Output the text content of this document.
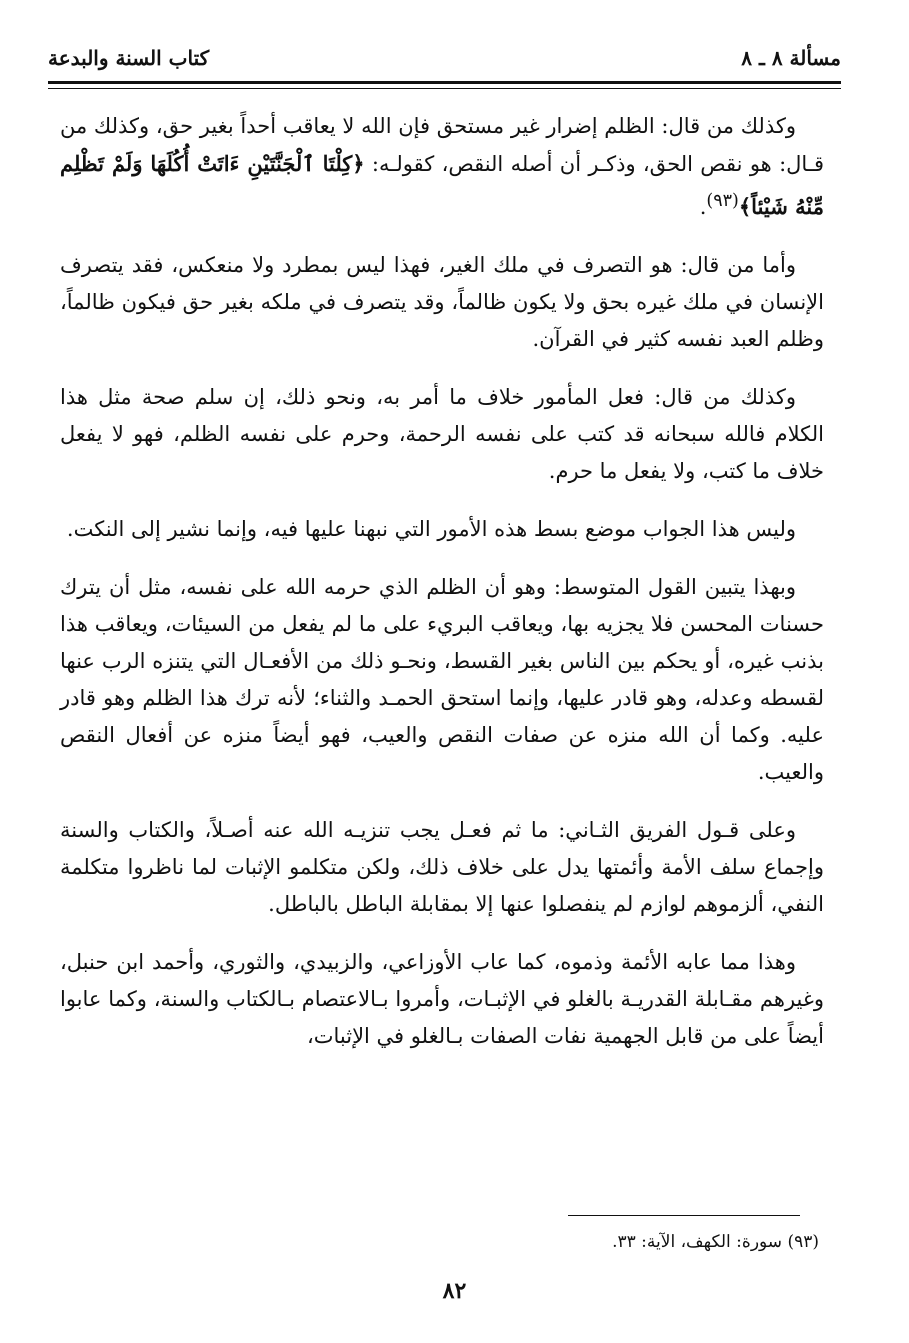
مسألة ٨ ـ ٨
كتاب السنة والبدعة

وكذلك من قال: الظلم إضرار غير مستحق فإن الله لا يعاقب أحداً بغير حق، وكذلك من قـال: هو نقص الحق، وذكـر أن أصله النقص، كقولـه: ﴿كِلْتَا ٱلْجَنَّتَيْنِ ءَاتَتْ أُكُلَهَا وَلَمْ تَظْلِم مِّنْهُ شَيْئاً﴾$^{(٩٣)}$.

وأما من قال: هو التصرف في ملك الغير، فهذا ليس بمطرد ولا منعكس، فقد يتصرف الإنسان في ملك غيره بحق ولا يكون ظالماً، وقد يتصرف في ملكه بغير حق فيكون ظالماً، وظلم العبد نفسه كثير في القرآن.

وكذلك من قال: فعل المأمور خلاف ما أمر به، ونحو ذلك، إن سلم صحة مثل هذا الكلام فالله سبحانه قد كتب على نفسه الرحمة، وحرم على نفسه الظلم، فهو لا يفعل خلاف ما كتب، ولا يفعل ما حرم.

وليس هذا الجواب موضع بسط هذه الأمور التي نبهنا عليها فيه، وإنما نشير إلى النكت.

وبهذا يتبين القول المتوسط: وهو أن الظلم الذي حرمه الله على نفسه، مثل أن يترك حسنات المحسن فلا يجزيه بها، ويعاقب البريء على ما لم يفعل من السيئات، ويعاقب هذا بذنب غيره، أو يحكم بين الناس بغير القسط، ونحـو ذلك من الأفعـال التي يتنزه الرب عنها لقسطه وعدله، وهو قادر عليها، وإنما استحق الحمـد والثناء؛ لأنه ترك هذا الظلم وهو قادر عليه. وكما أن الله منزه عن صفات النقص والعيب، فهو أيضاً منزه عن أفعال النقص والعيب.

وعلى قـول الفريق الثـاني: ما ثم فعـل يجب تنزيـه الله عنه أصـلاً، والكتاب والسنة وإجماع سلف الأمة وأئمتها يدل على خلاف ذلك، ولكن متكلمو الإثبات لما ناظروا متكلمة النفي، ألزموهم لوازم لم ينفصلوا عنها إلا بمقابلة الباطل بالباطل.

وهذا مما عابه الأئمة وذموه، كما عاب الأوزاعي، والزبيدي، والثوري، وأحمد ابن حنبل، وغيرهم مقـابلة القدريـة بالغلو في الإثبـات، وأمروا بـالاعتصام بـالكتاب والسنة، وكما عابوا أيضاً على من قابل الجهمية نفات الصفات بـالغلو في الإثبات،

(٩٣) سورة: الكهف، الآية: ٣٣.
٨٢
